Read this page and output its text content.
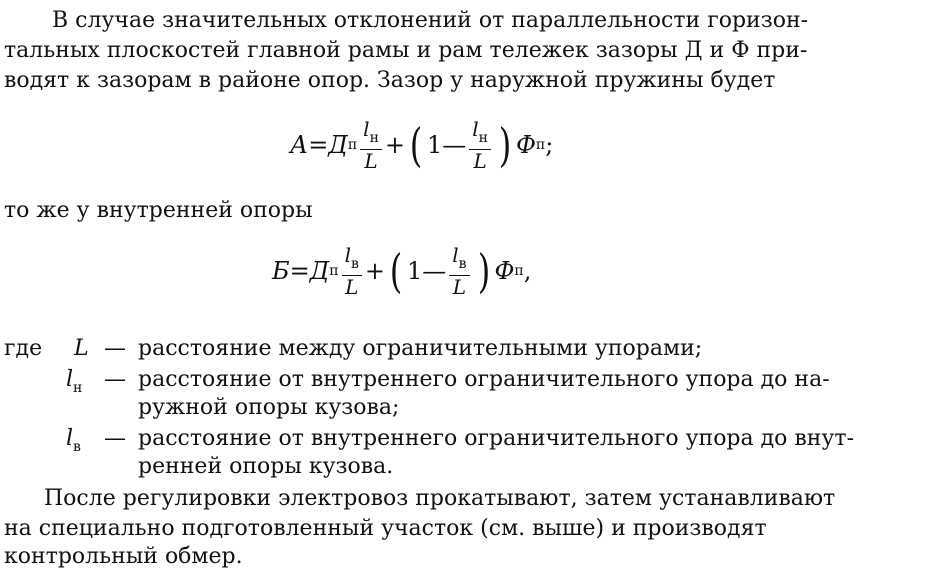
В случае значительных отклонений от параллельности горизон-
тальных плоскостей главной рамы и рам тележек зазоры Д и Ф при-
водят к зазорам в районе опор. Зазор у наружной пружины будет
А = Д п $\frac{l_н}{L}$ + ( 1 — $\frac{l_н}{L}$ ) Ф п ;
то же у внутренней опоры
Б = Д п $\frac{l_в}{L}$ + ( 1 — $\frac{l_в}{L}$ ) Ф п ,
где L — расстояние между ограничительными упорами;
$l_н$ — расстояние от внутреннего ограничительного упора до на-
ружной опоры кузова;
$l_в$ — расстояние от внутреннего ограничительного упора до внут-
ренней опоры кузова.
После регулировки электровоз прокатывают, затем устанавливают
на специально подготовленный участок (см. выше) и производят
контрольный обмер.
